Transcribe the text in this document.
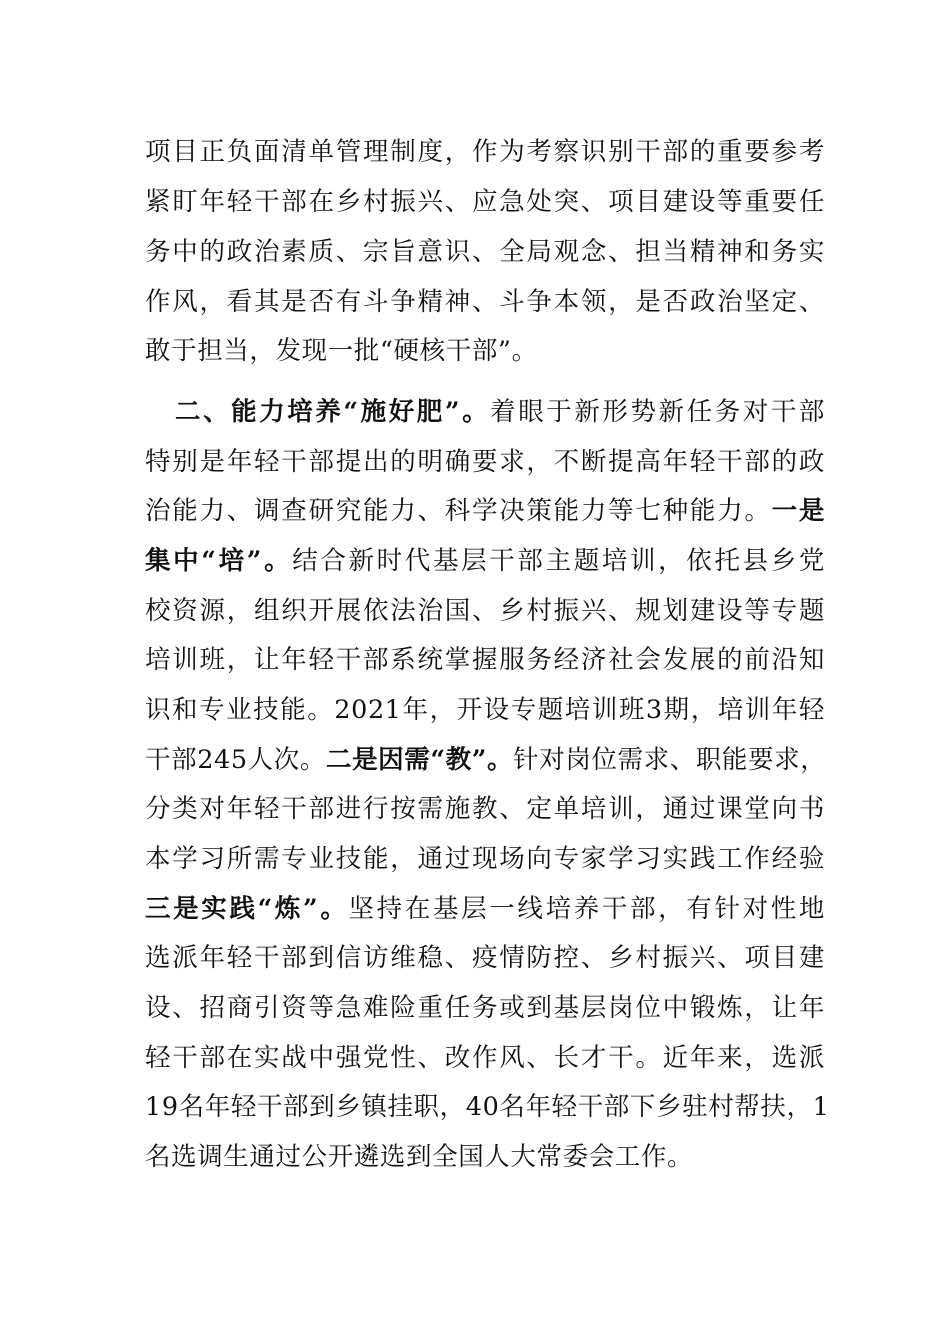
项目正负面清单管理制度，作为考察识别干部的重要参考
紧盯年轻干部在乡村振兴、应急处突、项目建设等重要任
务中的政治素质、宗旨意识、全局观念、担当精神和务实
作风，看其是否有斗争精神、斗争本领，是否政治坚定、
敢于担当，发现一批“硬核干部”。
二、能力培养“施好肥”。着眼于新形势新任务对干部
特别是年轻干部提出的明确要求，不断提高年轻干部的政
治能力、调查研究能力、科学决策能力等七种能力。一是
集中“培”。结合新时代基层干部主题培训，依托县乡党
校资源，组织开展依法治国、乡村振兴、规划建设等专题
培训班，让年轻干部系统掌握服务经济社会发展的前沿知
识和专业技能。2021年，开设专题培训班3期，培训年轻
干部245人次。二是因需“教”。针对岗位需求、职能要求，
分类对年轻干部进行按需施教、定单培训，通过课堂向书
本学习所需专业技能，通过现场向专家学习实践工作经验
三是实践“炼”。坚持在基层一线培养干部，有针对性地
选派年轻干部到信访维稳、疫情防控、乡村振兴、项目建
设、招商引资等急难险重任务或到基层岗位中锻炼，让年
轻干部在实战中强党性、改作风、长才干。近年来，选派
19名年轻干部到乡镇挂职，40名年轻干部下乡驻村帮扶，1
名选调生通过公开遴选到全国人大常委会工作。
